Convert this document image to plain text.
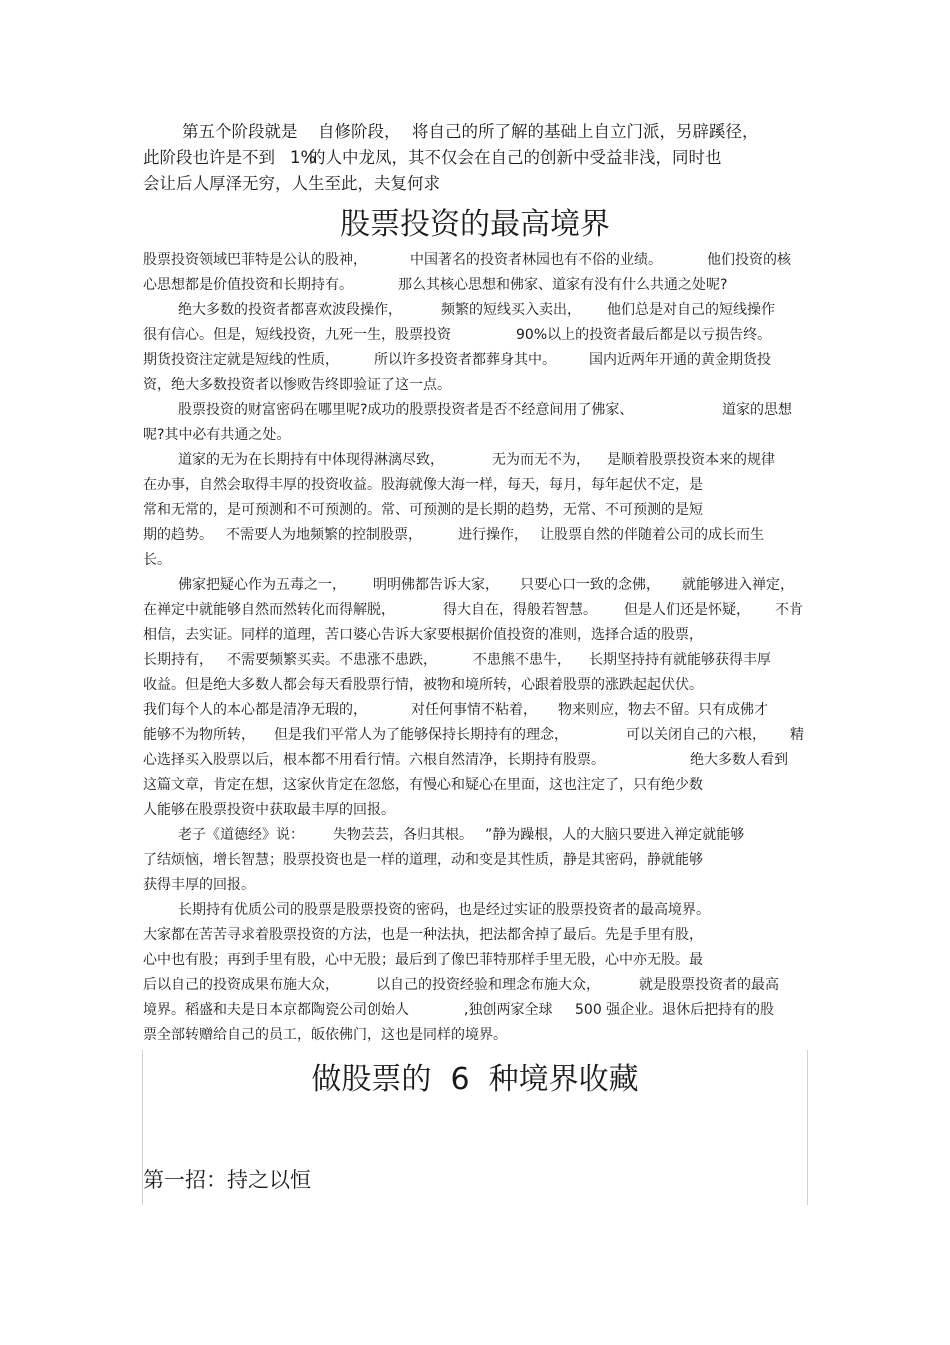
第五个阶段就是 自修阶段， 将自己的所了解的基础上自立门派，另辟蹊径，
此阶段也许是不到 1%
的人中龙凤，其不仅会在自己的创新中受益非浅，同时也
会让后人厚泽无穷，人生至此，夫复何求
股票投资的最高境界
股票投资领域巴菲特是公认的股神，	中国著名的投资者林园也有不俗的业绩。	他们投资的核
心思想都是价值投资和长期持有。	那么其核心思想和佛家、道家有没有什么共通之处呢?
绝大多数的投资者都喜欢波段操作，	频繁的短线买入卖出， 他们总是对自己的短线操作
很有信心。但是，短线投资，九死一生，股票投资	90%以上的投资者最后都是以亏损告终。
期货投资注定就是短线的性质，	所以许多投资者都葬身其中。 国内近两年开通的黄金期货投
资，绝大多数投资者以惨败告终即验证了这一点。
股票投资的财富密码在哪里呢?成功的股票投资者是否不经意间用了佛家、	道家的思想
呢?其中必有共通之处。
道家的无为在长期持有中体现得淋漓尽致，	无为而无不为， 是顺着股票投资本来的规律
在办事，自然会取得丰厚的投资收益。股海就像大海一样，每天，每月，每年起伏不定，是
常和无常的，是可预测和不可预测的。常、可预测的是长期的趋势，无常、不可预测的是短
期的趋势。 不需要人为地频繁的控制股票，	进行操作， 让股票自然的伴随着公司的成长而生
长。
佛家把疑心作为五毒之一， 明明佛都告诉大家， 只要心口一致的念佛， 就能够进入禅定，
在禅定中就能够自然而然转化而得解脱，	得大自在，得般若智慧。 但是人们还是怀疑， 不肯
相信，去实证。同样的道理，苦口婆心告诉大家要根据价值投资的准则，选择合适的股票，
长期持有， 不需要频繁买卖。不患涨不患跌，	不患熊不患牛， 长期坚持持有就能够获得丰厚
收益。但是绝大多数人都会每天看股票行情，被物和境所转，心跟着股票的涨跌起起伏伏。
我们每个人的本心都是清净无瑕的，	对任何事情不粘着， 物来则应，物去不留。只有成佛才
能够不为物所转， 但是我们平常人为了能够保持长期持有的理念，	可以关闭自己的六根， 精
心选择买入股票以后，根本都不用看行情。六根自然清净，长期持有股票。	绝大多数人看到
这篇文章，肯定在想，这家伙肯定在忽悠，有慢心和疑心在里面，这也注定了，只有绝少数
人能够在股票投资中获取最丰厚的回报。
老子《道德经》说： 失物芸芸，各归其根。 ”静为躁根，人的大脑只要进入禅定就能够
了结烦恼，增长智慧；股票投资也是一样的道理，动和变是其性质，静是其密码，静就能够
获得丰厚的回报。
长期持有优质公司的股票是股票投资的密码，也是经过实证的股票投资者的最高境界。
大家都在苦苦寻求着股票投资的方法，也是一种法执，把法都舍掉了最后。先是手里有股，
心中也有股；再到手里有股，心中无股；最后到了像巴菲特那样手里无股，心中亦无股。最
后以自己的投资成果布施大众，	以自己的投资经验和理念布施大众，	就是股票投资者的最高
境界。稻盛和夫是日本京都陶瓷公司创始人	,独创两家全球 500 强企业。退休后把持有的股
票全部转赠给自己的员工，皈依佛门，这也是同样的境界。
做股票的  6  种境界收藏
第一招：持之以恒
